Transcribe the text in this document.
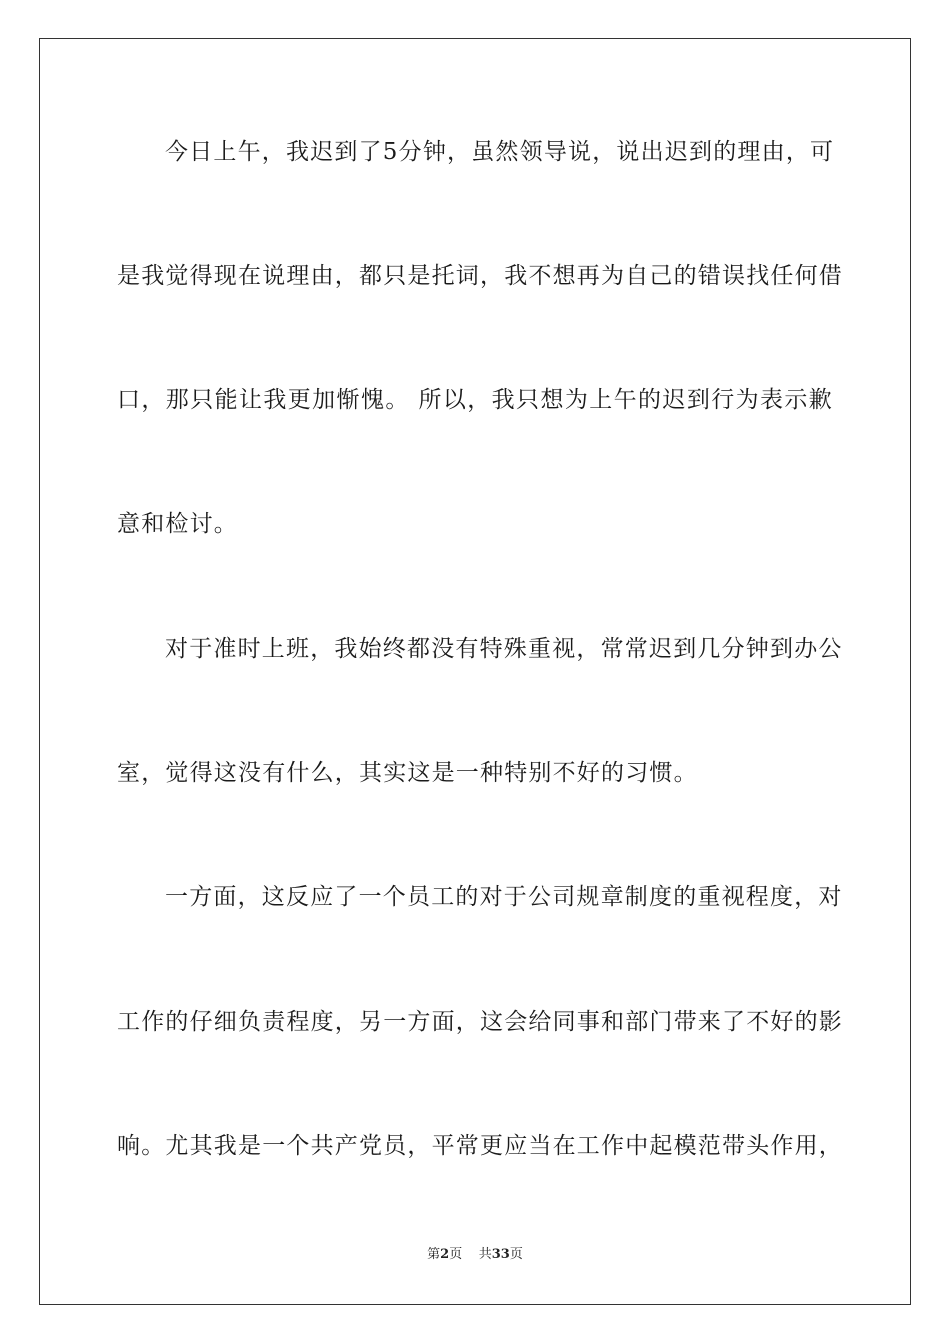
今日上午，我迟到了5分钟，虽然领导说，说出迟到的理由，可
是我觉得现在说理由，都只是托词，我不想再为自己的错误找任何借
口，那只能让我更加惭愧。 所以，我只想为上午的迟到行为表示歉
意和检讨。
对于准时上班，我始终都没有特殊重视，常常迟到几分钟到办公
室，觉得这没有什么，其实这是一种特别不好的习惯。
一方面，这反应了一个员工的对于公司规章制度的重视程度，对
工作的仔细负责程度，另一方面，这会给同事和部门带来了不好的影
响。尤其我是一个共产党员，平常更应当在工作中起模范带头作用，
第2页 共33页
